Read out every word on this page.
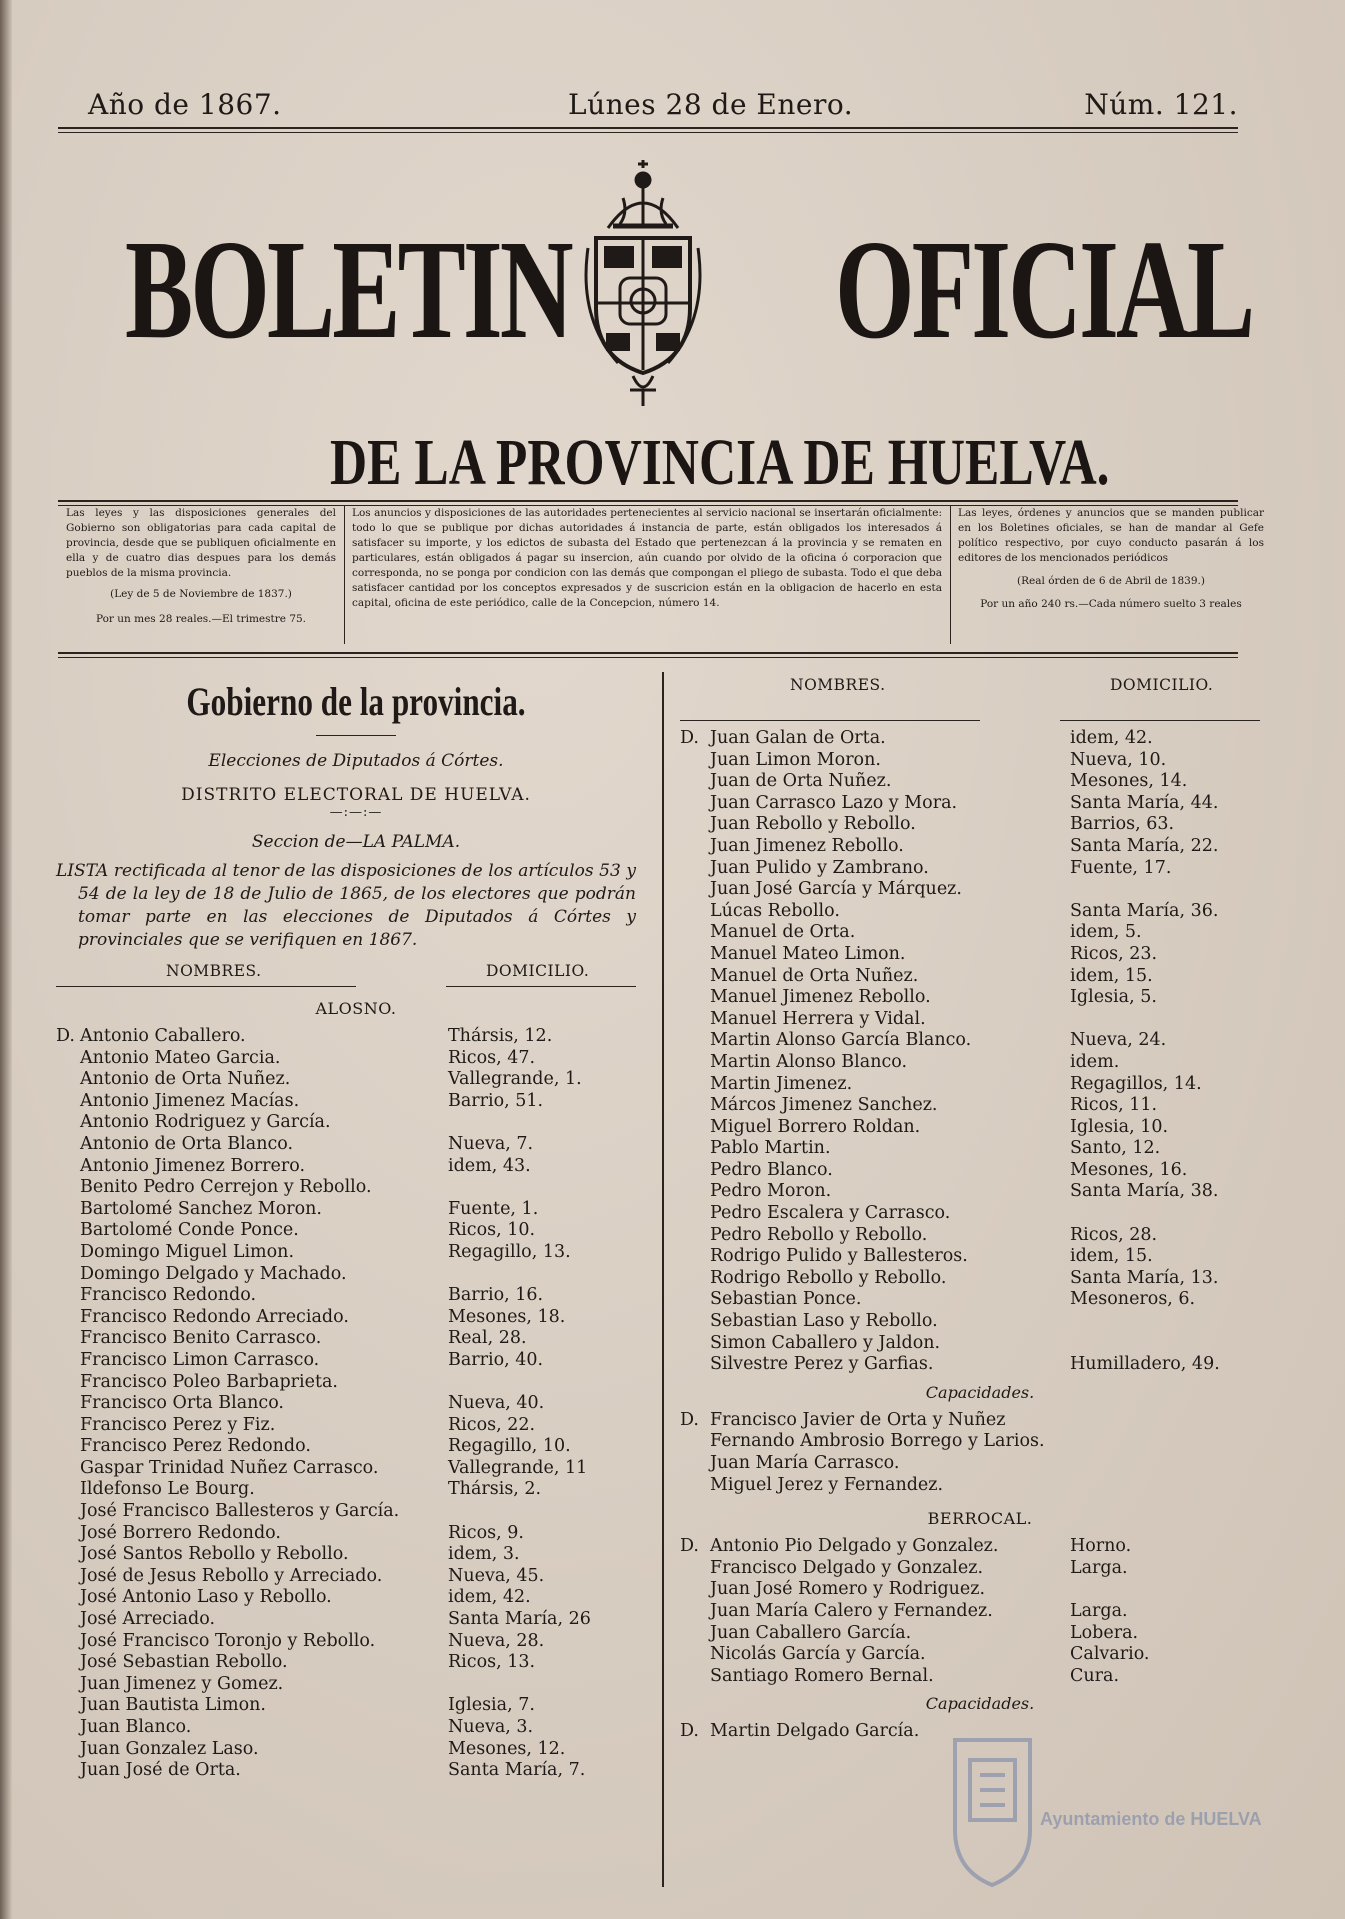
Año de 1867.	Lúnes 28 de Enero.	Núm. 121.
BOLETIN OFICIAL
DE LA PROVINCIA DE HUELVA.
Las leyes y las disposiciones generales del Gobierno son obligatorias para cada capital de provincia, desde que se publiquen oficialmente en ella y de cuatro dias despues para los demás pueblos de la misma provincia.
(Ley de 5 de Noviembre de 1837.)
Por un mes 28 reales.—El trimestre 75.
Los anuncios y disposiciones de las autoridades pertenecientes al servicio nacional se insertarán oficialmente: todo lo que se publique por dichas autoridades á instancia de parte, están obligados los interesados á satisfacer su importe, y los edictos de subasta del Estado que pertenezcan á la provincia y se rematen en particulares, están obligados á pagar su insercion, aún cuando por olvido de la oficina ó corporacion que corresponda, no se ponga por condicion con las demás que compongan el pliego de subasta. Todo el que deba satisfacer cantidad por los conceptos expresados y de suscricion están en la obligacion de hacerlo en esta capital, oficina de este periódico, calle de la Concepcion, número 14.
Las leyes, órdenes y anuncios que se manden publicar en los Boletines oficiales, se han de mandar al Gefe político respectivo, por cuyo conducto pasarán á los editores de los mencionados periódicos
(Real órden de 6 de Abril de 1839.)
Por un año 240 rs.—Cada número suelto 3 reales
Gobierno de la provincia.
Elecciones de Diputados á Córtes.
DISTRITO ELECTORAL DE HUELVA.
—:—:—
Seccion de—LA PALMA.
LISTA rectificada al tenor de las disposiciones de los artículos 53 y 54 de la ley de 18 de Julio de 1865, de los electores que podrán tomar parte en las elecciones de Diputados á Córtes y provinciales que se verifiquen en 1867.
NOMBRES.	DOMICILIO.
ALOSNO.
D. Antonio Caballero.	Thársis, 12.
Antonio Mateo Garcia.	Ricos, 47.
Antonio de Orta Nuñez.	Vallegrande, 1.
Antonio Jimenez Macías.	Barrio, 51.
Antonio Rodriguez y García.
Antonio de Orta Blanco.	Nueva, 7.
Antonio Jimenez Borrero.	idem, 43.
Benito Pedro Cerrejon y Rebollo.
Bartolomé Sanchez Moron.	Fuente, 1.
Bartolomé Conde Ponce.	Ricos, 10.
Domingo Miguel Limon.	Regagillo, 13.
Domingo Delgado y Machado.
Francisco Redondo.	Barrio, 16.
Francisco Redondo Arreciado.	Mesones, 18.
Francisco Benito Carrasco.	Real, 28.
Francisco Limon Carrasco.	Barrio, 40.
Francisco Poleo Barbaprieta.
Francisco Orta Blanco.	Nueva, 40.
Francisco Perez y Fiz.	Ricos, 22.
Francisco Perez Redondo.	Regagillo, 10.
Gaspar Trinidad Nuñez Carrasco.	Vallegrande, 11
Ildefonso Le Bourg.	Thársis, 2.
José Francisco Ballesteros y García.
José Borrero Redondo.	Ricos, 9.
José Santos Rebollo y Rebollo.	idem, 3.
José de Jesus Rebollo y Arreciado.	Nueva, 45.
José Antonio Laso y Rebollo.	idem, 42.
José Arreciado.	Santa María, 26
José Francisco Toronjo y Rebollo.	Nueva, 28.
José Sebastian Rebollo.	Ricos, 13.
Juan Jimenez y Gomez.
Juan Bautista Limon.	Iglesia, 7.
Juan Blanco.	Nueva, 3.
Juan Gonzalez Laso.	Mesones, 12.
Juan José de Orta.	Santa María, 7.
NOMBRES.	DOMICILIO.
D. Juan Galan de Orta.	idem, 42.
Juan Limon Moron.	Nueva, 10.
Juan de Orta Nuñez.	Mesones, 14.
Juan Carrasco Lazo y Mora.	Santa María, 44.
Juan Rebollo y Rebollo.	Barrios, 63.
Juan Jimenez Rebollo.	Santa María, 22.
Juan Pulido y Zambrano.	Fuente, 17.
Juan José García y Márquez.
Lúcas Rebollo.	Santa María, 36.
Manuel de Orta.	idem, 5.
Manuel Mateo Limon.	Ricos, 23.
Manuel de Orta Nuñez.	idem, 15.
Manuel Jimenez Rebollo.	Iglesia, 5.
Manuel Herrera y Vidal.
Martin Alonso García Blanco.	Nueva, 24.
Martin Alonso Blanco.	idem.
Martin Jimenez.	Regagillos, 14.
Márcos Jimenez Sanchez.	Ricos, 11.
Miguel Borrero Roldan.	Iglesia, 10.
Pablo Martin.	Santo, 12.
Pedro Blanco.	Mesones, 16.
Pedro Moron.	Santa María, 38.
Pedro Escalera y Carrasco.
Pedro Rebollo y Rebollo.	Ricos, 28.
Rodrigo Pulido y Ballesteros.	idem, 15.
Rodrigo Rebollo y Rebollo.	Santa María, 13.
Sebastian Ponce.	Mesoneros, 6.
Sebastian Laso y Rebollo.
Simon Caballero y Jaldon.
Silvestre Perez y Garfias.	Humilladero, 49.
Capacidades.
D. Francisco Javier de Orta y Nuñez
Fernando Ambrosio Borrego y Larios.
Juan María Carrasco.
Miguel Jerez y Fernandez.
BERROCAL.
D. Antonio Pio Delgado y Gonzalez.	Horno.
Francisco Delgado y Gonzalez.	Larga.
Juan José Romero y Rodriguez.
Juan María Calero y Fernandez.	Larga.
Juan Caballero García.	Lobera.
Nicolás García y García.	Calvario.
Santiago Romero Bernal.	Cura.
Capacidades.
D. Martin Delgado García.
Ayuntamiento de HUELVA
